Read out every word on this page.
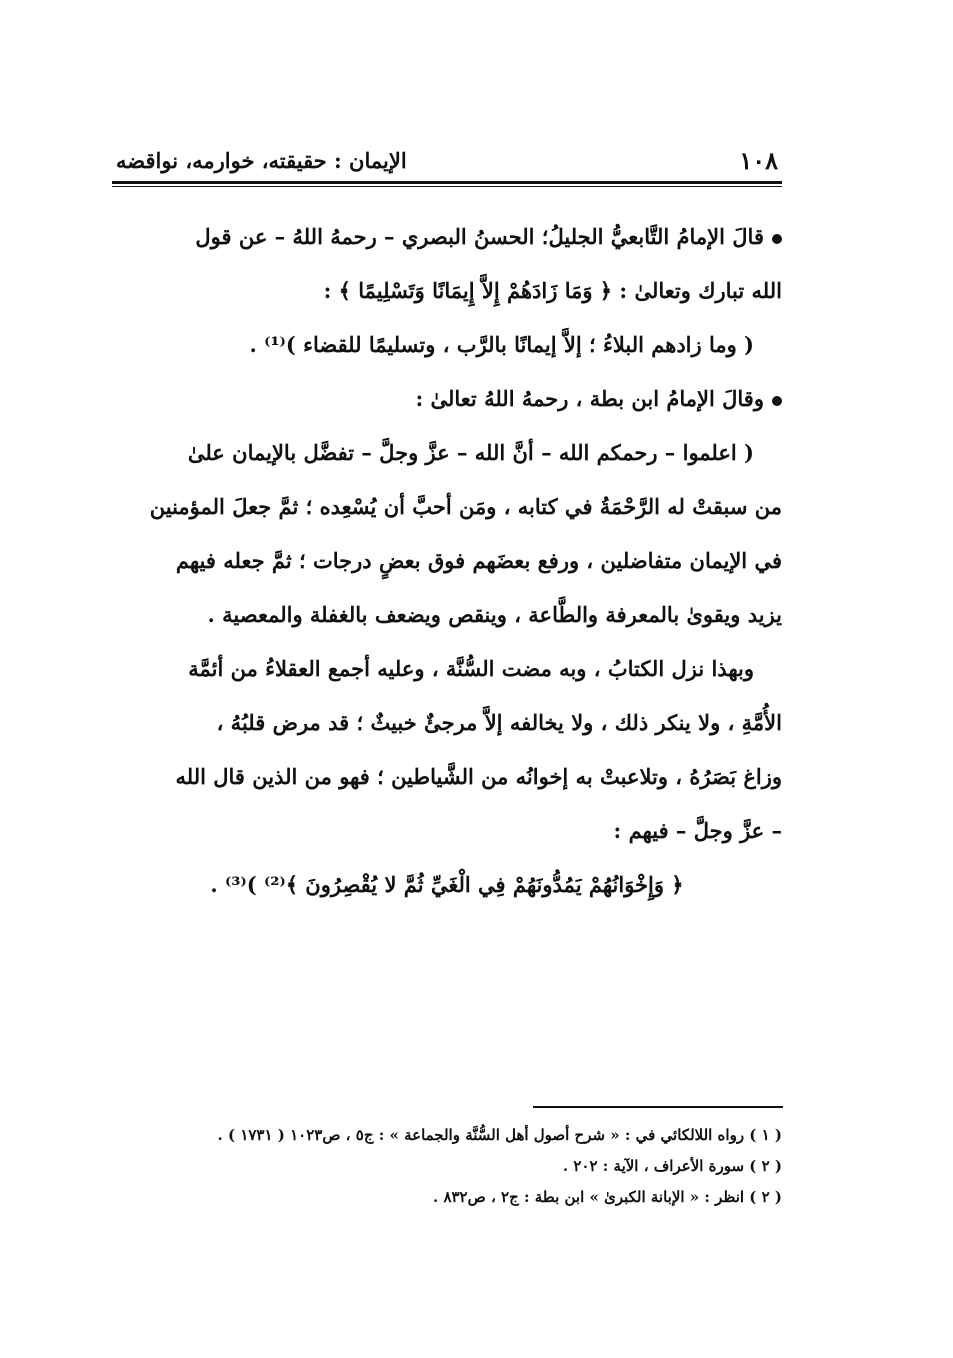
١٠٨
الإيمان : حقيقته، خوارمه، نواقضه

قالَ الإمامُ التَّابعيُّ الجليلُ؛ الحسنُ البصري – رحمهُ اللهُ – عن قول
الله تبارك وتعالىٰ : ﴿ وَمَا زَادَهُمْ إِلاَّ إِيمَانًا وَتَسْلِيمًا ﴾ :

( وما زادهم البلاءُ ؛ إلاَّ إيمانًا بالرَّب ، وتسليمًا للقضاء )⁽¹⁾ .

وقالَ الإمامُ ابن بطة ، رحمهُ اللهُ تعالىٰ :

( اعلموا – رحمكم الله – أنَّ الله – عزَّ وجلَّ – تفضَّل بالإيمان علىٰ
من سبقتْ له الرَّحْمَةُ في كتابه ، ومَن أحبَّ أن يُسْعِده ؛ ثمَّ جعلَ المؤمنين
في الإيمان متفاضلين ، ورفع بعضَهم فوق بعضٍ درجات ؛ ثمَّ جعله فيهم
يزيد ويقوىٰ بالمعرفة والطَّاعة ، وينقص ويضعف بالغفلة والمعصية .

وبهذا نزل الكتابُ ، وبه مضت السُّنَّة ، وعليه أجمع العقلاءُ من أئمَّة
الأُمَّةِ ، ولا ينكر ذلك ، ولا يخالفه إلاَّ مرجئٌ خبيثٌ ؛ قد مرض قلبُهُ ،
وزاغ بَصَرُهُ ، وتلاعبتْ به إخوانُه من الشَّياطين ؛ فهو من الذين قال الله
– عزَّ وجلَّ – فيهم :

﴿ وَإِخْوَانُهُمْ يَمُدُّونَهُمْ فِي الْغَيِّ ثُمَّ لا يُقْصِرُونَ ﴾⁽²⁾ )⁽³⁾ .

( ١ ) رواه اللالكائي في : « شرح أصول أهل السُّنَّة والجماعة » : ج٥ ، ص١٠٢٣ ( ١٧٣١ ) .

( ٢ ) سورة الأعراف ، الآية : ٢٠٢ .

( ٢ ) انظر : « الإبانة الكبرىٰ » ابن بطة : ج٢ ، ص٨٣٢ .
